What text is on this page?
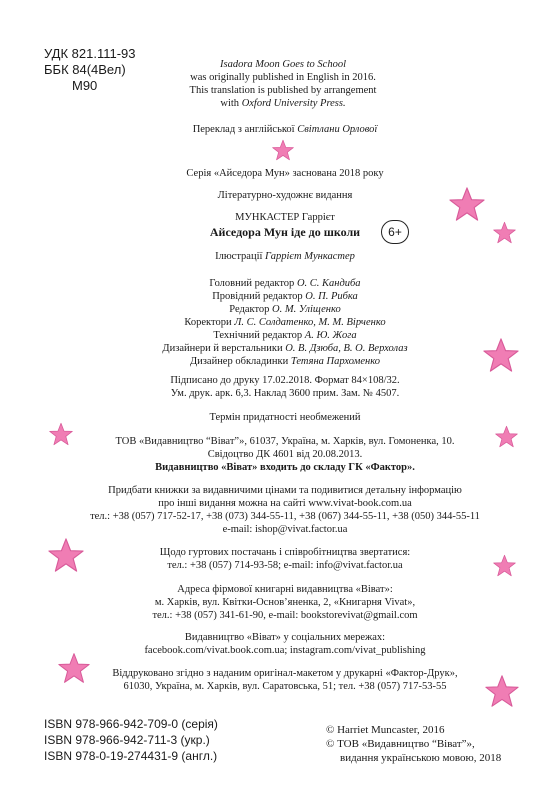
УДК 821.111-93
ББК 84(4Вел)
М90
Isadora Moon Goes to School
was originally published in English in 2016.
This translation is published by arrangement
with Oxford University Press.
Переклад з англійської Світлани Орлової
Серія «Айседора Мун» заснована 2018 року
Літературно-художнє видання
МУНКАСТЕР Гаррієт
Айседора Мун іде до школи	6+
Ілюстрації Гаррієт Мункастер
Головний редактор О. С. Кандиба
Провідний редактор О. П. Рибка
Редактор О. М. Уліщенко
Коректори Л. С. Солдатенко, М. М. Вірченко
Технічний редактор А. Ю. Жога
Дизайнери й верстальники О. В. Дзюба, В. О. Верхолаз
Дизайнер обкладинки Тетяна Пархоменко
Підписано до друку 17.02.2018. Формат 84×108/32.
Ум. друк. арк. 6,3. Наклад 3600 прим. Зам. № 4507.
Термін придатності необмежений
ТОВ «Видавництво “Віват”», 61037, Україна, м. Харків, вул. Гомоненка, 10.
Свідоцтво ДК 4601 від 20.08.2013.
Видавництво «Віват» входить до складу ГК «Фактор».
Придбати книжки за видавничими цінами та подивитися детальну інформацію
про інші видання можна на сайті www.vivat-book.com.ua
тел.: +38 (057) 717-52-17, +38 (073) 344-55-11, +38 (067) 344-55-11, +38 (050) 344-55-11
e-mail: ishop@vivat.factor.ua
Щодо гуртових постачань і співробітництва звертатися:
тел.: +38 (057) 714-93-58; e-mail: info@vivat.factor.ua
Адреса фірмової книгарні видавництва «Віват»:
м. Харків, вул. Квітки-Основ’яненка, 2, «Книгарня Vivat»,
тел.: +38 (057) 341-61-90, e-mail: bookstorevivat@gmail.com
Видавництво «Віват» у соціальних мережах:
facebook.com/vivat.book.com.ua; instagram.com/vivat_publishing
Віддруковано згідно з наданим оригінал-макетом у друкарні «Фактор-Друк»,
61030, Україна, м. Харків, вул. Саратовська, 51; тел. +38 (057) 717-53-55
ISBN 978-966-942-709-0 (серія)
ISBN 978-966-942-711-3 (укр.)
ISBN 978-0-19-274431-9 (англ.)
© Harriet Muncaster, 2016
© ТОВ «Видавництво “Віват”»,
видання українською мовою, 2018
